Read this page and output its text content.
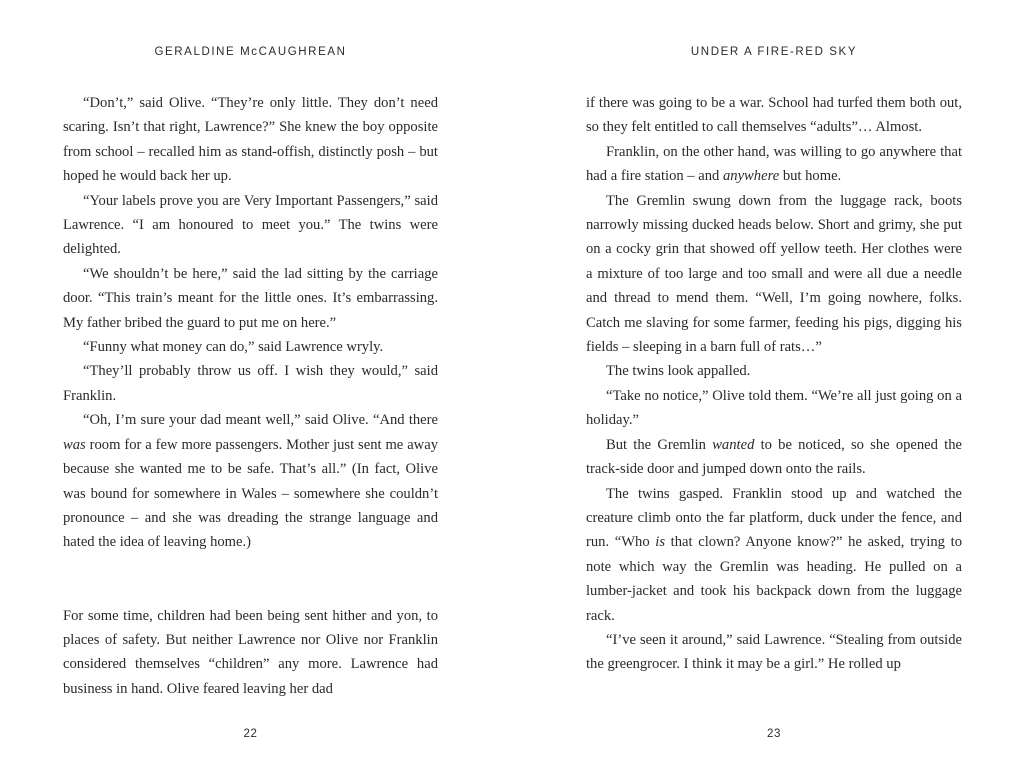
GERALDINE McCAUGHREAN

“Don’t,” said Olive. “They’re only little. They don’t need scaring. Isn’t that right, Lawrence?” She knew the boy opposite from school – recalled him as stand-offish, distinctly posh – but hoped he would back her up.

“Your labels prove you are Very Important Passengers,” said Lawrence. “I am honoured to meet you.” The twins were delighted.

“We shouldn’t be here,” said the lad sitting by the carriage door. “This train’s meant for the little ones. It’s embarrassing. My father bribed the guard to put me on here.”

“Funny what money can do,” said Lawrence wryly.

“They’ll probably throw us off. I wish they would,” said Franklin.

“Oh, I’m sure your dad meant well,” said Olive. “And there was room for a few more passengers. Mother just sent me away because she wanted me to be safe. That’s all.” (In fact, Olive was bound for somewhere in Wales – somewhere she couldn’t pronounce – and she was dreading the strange language and hated the idea of leaving home.)

For some time, children had been being sent hither and yon, to places of safety. But neither Lawrence nor Olive nor Franklin considered themselves “children” any more. Lawrence had business in hand. Olive feared leaving her dad

22
UNDER A FIRE-RED SKY

if there was going to be a war. School had turfed them both out, so they felt entitled to call themselves “adults”… Almost.

Franklin, on the other hand, was willing to go anywhere that had a fire station – and anywhere but home.

The Gremlin swung down from the luggage rack, boots narrowly missing ducked heads below. Short and grimy, she put on a cocky grin that showed off yellow teeth. Her clothes were a mixture of too large and too small and were all due a needle and thread to mend them. “Well, I’m going nowhere, folks. Catch me slaving for some farmer, feeding his pigs, digging his fields – sleeping in a barn full of rats…”

The twins look appalled.

“Take no notice,” Olive told them. “We’re all just going on a holiday.”

But the Gremlin wanted to be noticed, so she opened the track-side door and jumped down onto the rails.

The twins gasped. Franklin stood up and watched the creature climb onto the far platform, duck under the fence, and run. “Who is that clown? Anyone know?” he asked, trying to note which way the Gremlin was heading. He pulled on a lumber-jacket and took his backpack down from the luggage rack.

“I’ve seen it around,” said Lawrence. “Stealing from outside the greengrocer. I think it may be a girl.” He rolled up

23
